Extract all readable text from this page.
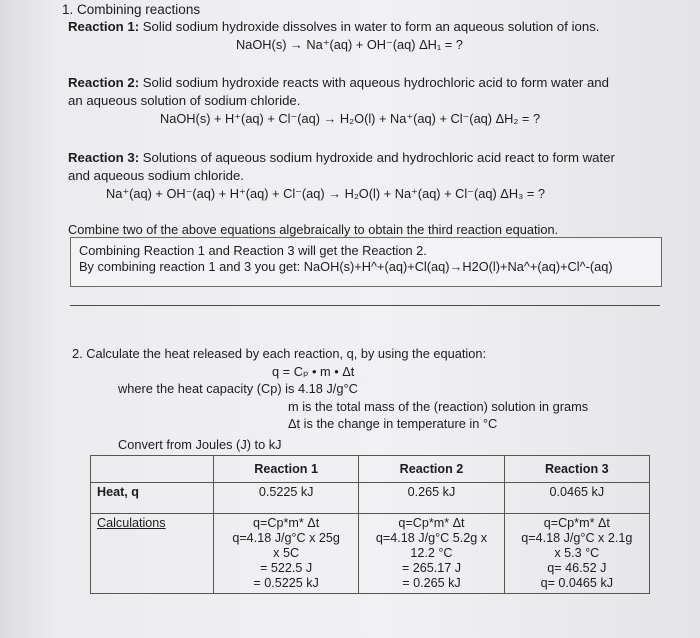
1. Combining reactions
Reaction 1: Solid sodium hydroxide dissolves in water to form an aqueous solution of ions.
NaOH(s) → Na⁺(aq) + OH⁻(aq) ΔH₁ = ?
Reaction 2: Solid sodium hydroxide reacts with aqueous hydrochloric acid to form water and
an aqueous solution of sodium chloride.
NaOH(s) + H⁺(aq) + Cl⁻(aq) → H₂O(l) + Na⁺(aq) + Cl⁻(aq) ΔH₂ = ?
Reaction 3: Solutions of aqueous sodium hydroxide and hydrochloric acid react to form water
and aqueous sodium chloride.
Na⁺(aq) + OH⁻(aq) + H⁺(aq) + Cl⁻(aq) → H₂O(l) + Na⁺(aq) + Cl⁻(aq) ΔH₃ = ?
Combine two of the above equations algebraically to obtain the third reaction equation.
Combining Reaction 1 and Reaction 3 will get the Reaction 2.
By combining reaction 1 and 3 you get: NaOH(s)+H^+(aq)+Cl(aq)→H2O(l)+Na^+(aq)+Cl^-(aq)
2. Calculate the heat released by each reaction, q, by using the equation:
q = Cₚ • m • Δt
where the heat capacity (Cp) is 4.18 J/g°C
m is the total mass of the (reaction) solution in grams
Δt is the change in temperature in °C
Convert from Joules (J) to kJ
	Reaction 1	Reaction 2	Reaction 3
Heat, q	0.5225 kJ	0.265 kJ	0.0465 kJ
Calculations	q=Cp*m* Δt
q=4.18 J/g°C x 25g
x 5C
= 522.5 J
= 0.5225 kJ	q=Cp*m* Δt
q=4.18 J/g°C 5.2g x
12.2 °C
= 265.17 J
= 0.265 kJ	q=Cp*m* Δt
q=4.18 J/g°C x 2.1g
x 5.3 °C
q= 46.52 J
q= 0.0465 kJ
